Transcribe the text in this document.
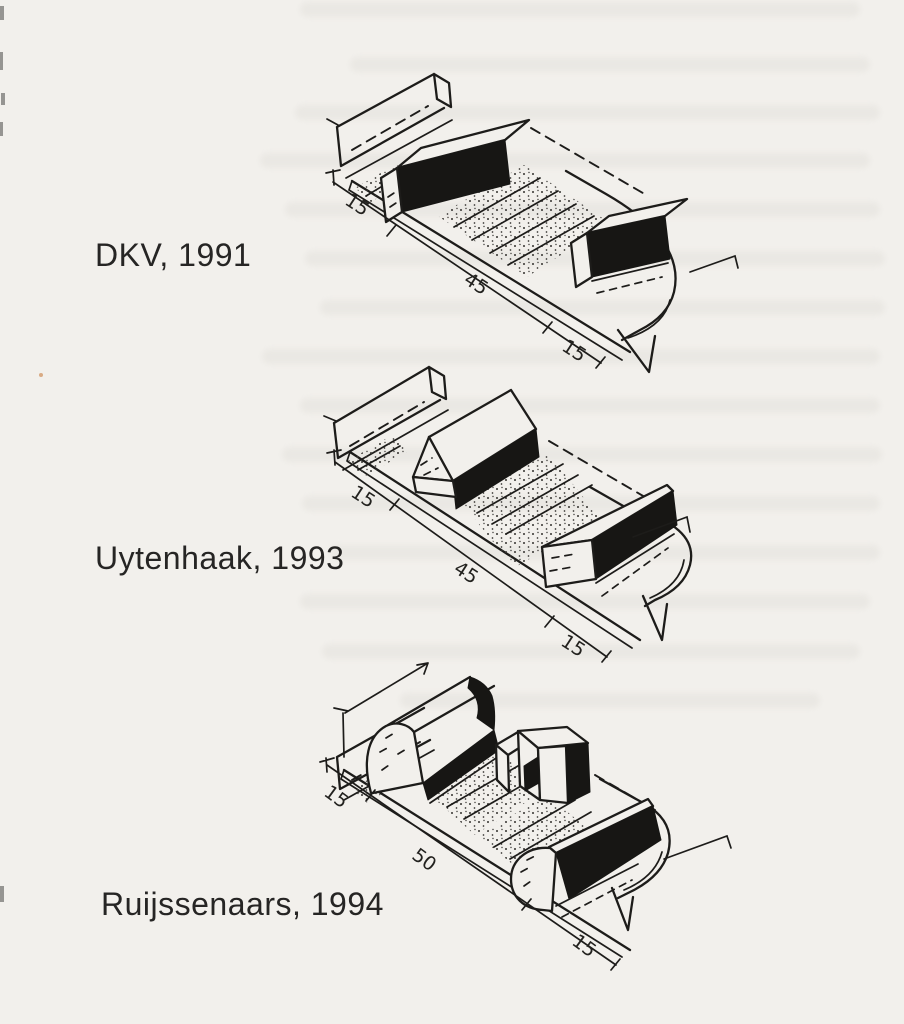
15
45
15
15
45
15
15
50
15
DKV, 1991
Uytenhaak, 1993
Ruijssenaars, 1994
